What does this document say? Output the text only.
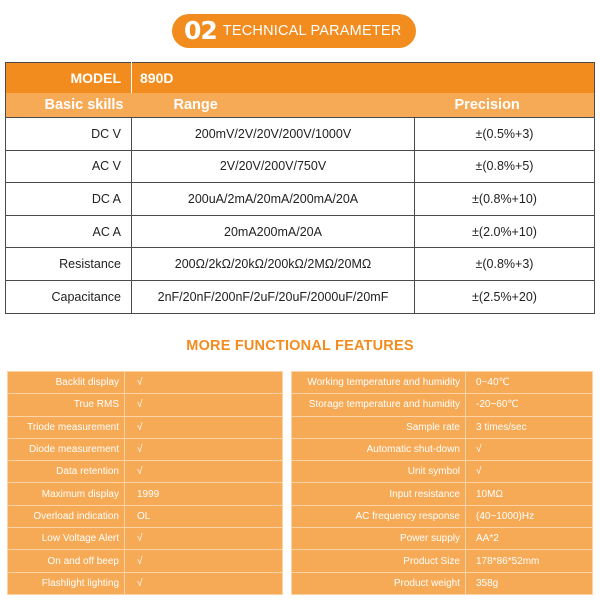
02 TECHNICAL PARAMETER
MODEL	890D	
Basic skills	Range	Precision
DC V	200mV/2V/20V/200V/1000V	±(0.5%+3)
AC V	2V/20V/200V/750V	±(0.8%+5)
DC A	200uA/2mA/20mA/200mA/20A	±(0.8%+10)
AC A	20mA200mA/20A	±(2.0%+10)
Resistance	200Ω/2kΩ/20kΩ/200kΩ/2MΩ/20MΩ	±(0.8%+3)
Capacitance	2nF/20nF/200nF/2uF/20uF/2000uF/20mF	±(2.5%+20)
MORE FUNCTIONAL FEATURES
Backlit display	√
True RMS	√
Triode measurement	√
Diode measurement	√
Data retention	√
Maximum display	1999
Overload indication	OL
Low Voltage Alert	√
On and off beep	√
Flashlight lighting	√
Working temperature and humidity	0~40℃
Storage temperature and humidity	-20~60℃
Sample rate	3 times/sec
Automatic shut-down	√
Unit symbol	√
Input resistance	10MΩ
AC frequency response	(40~1000)Hz
Power supply	AA*2
Product Size	178*86*52mm
Product weight	358g
